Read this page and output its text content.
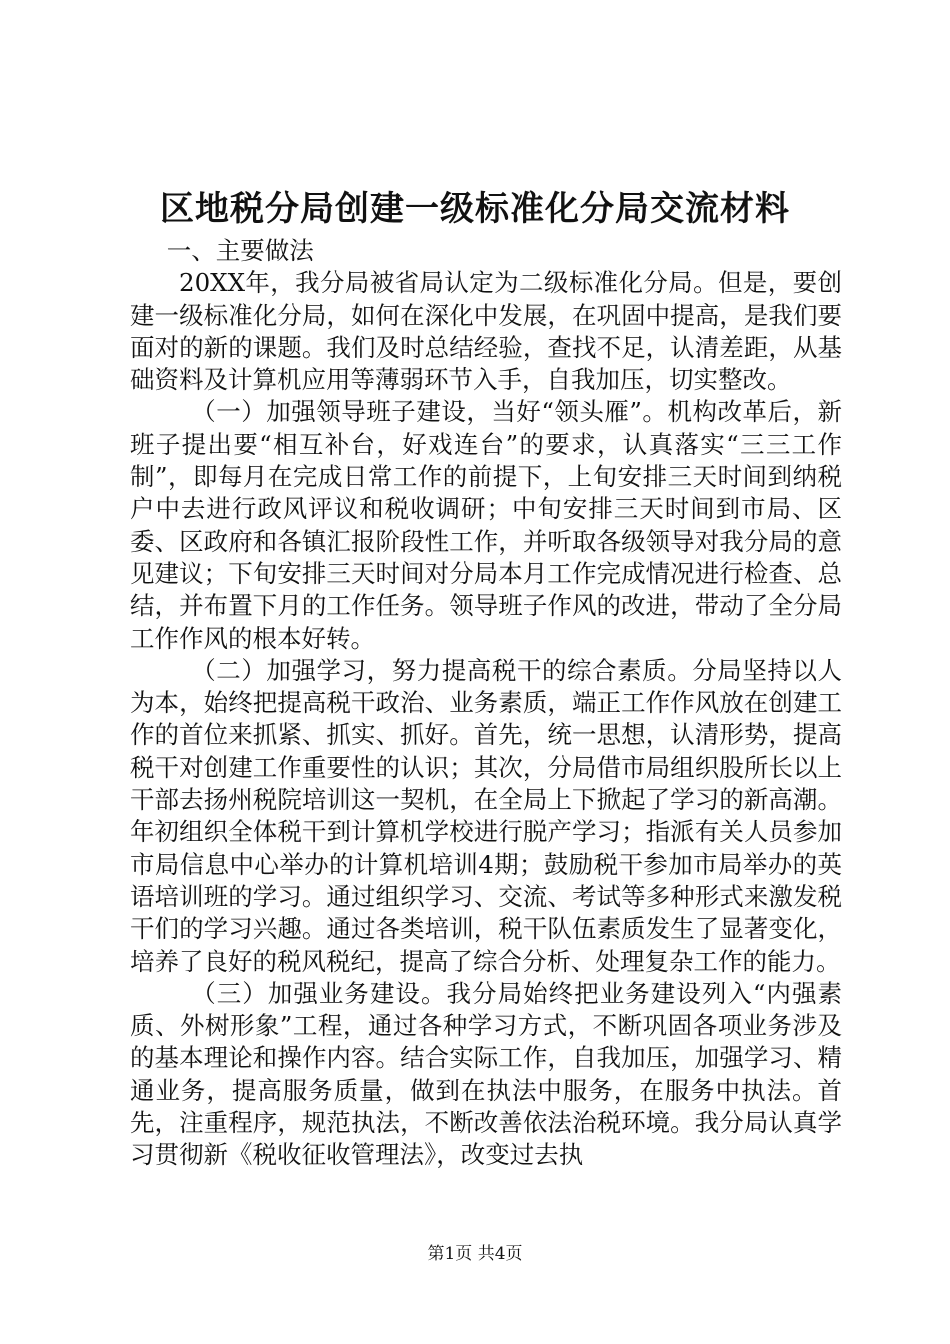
区地税分局创建一级标准化分局交流材料

一、主要做法

20XX年，我分局被省局认定为二级标准化分局。但是，要创建一级标准化分局，如何在深化中发展，在巩固中提高，是我们要面对的新的课题。我们及时总结经验，查找不足，认清差距，从基础资料及计算机应用等薄弱环节入手，自我加压，切实整改。

（一）加强领导班子建设，当好“领头雁”。机构改革后，新班子提出要“相互补台，好戏连台”的要求，认真落实“三三工作制”，即每月在完成日常工作的前提下，上旬安排三天时间到纳税户中去进行政风评议和税收调研；中旬安排三天时间到市局、区委、区政府和各镇汇报阶段性工作，并听取各级领导对我分局的意见建议；下旬安排三天时间对分局本月工作完成情况进行检查、总结，并布置下月的工作任务。领导班子作风的改进，带动了全分局工作作风的根本好转。

（二）加强学习，努力提高税干的综合素质。分局坚持以人为本，始终把提高税干政治、业务素质，端正工作作风放在创建工作的首位来抓紧、抓实、抓好。首先，统一思想，认清形势，提高税干对创建工作重要性的认识；其次，分局借市局组织股所长以上干部去扬州税院培训这一契机，在全局上下掀起了学习的新高潮。年初组织全体税干到计算机学校进行脱产学习；指派有关人员参加市局信息中心举办的计算机培训4期；鼓励税干参加市局举办的英语培训班的学习。通过组织学习、交流、考试等多种形式来激发税干们的学习兴趣。通过各类培训，税干队伍素质发生了显著变化，培养了良好的税风税纪，提高了综合分析、处理复杂工作的能力。

（三）加强业务建设。我分局始终把业务建设列入“内强素质、外树形象”工程，通过各种学习方式，不断巩固各项业务涉及的基本理论和操作内容。结合实际工作，自我加压，加强学习、精通业务，提高服务质量，做到在执法中服务，在服务中执法。首先，注重程序，规范执法，不断改善依法治税环境。我分局认真学习贯彻新《税收征收管理法》，改变过去执

第1页 共4页
